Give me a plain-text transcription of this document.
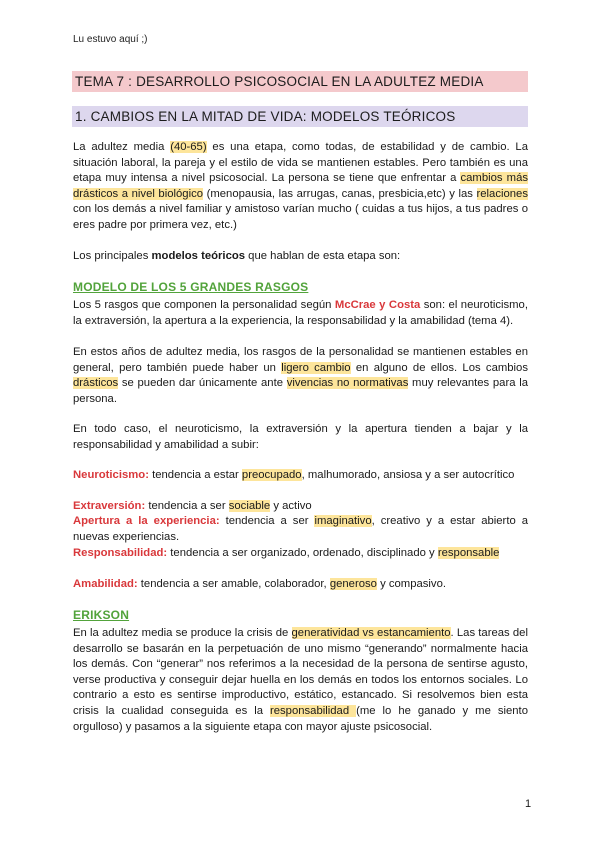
Lu estuvo aquí ;)
TEMA 7 : DESARROLLO PSICOSOCIAL EN LA ADULTEZ MEDIA
1. CAMBIOS EN LA MITAD DE VIDA: MODELOS TEÓRICOS

La adultez media (40-65) es una etapa, como todas, de estabilidad y de cambio. La situación laboral, la pareja y el estilo de vida se mantienen estables. Pero también es una etapa muy intensa a nivel psicosocial. La persona se tiene que enfrentar a cambios más drásticos a nivel biológico (menopausia, las arrugas, canas, presbicia,etc) y las relaciones con los demás a nivel familiar y amistoso varían mucho ( cuidas a tus hijos, a tus padres o eres padre por primera vez, etc.)

Los principales modelos teóricos que hablan de esta etapa son:

MODELO DE LOS 5 GRANDES RASGOS

Los 5 rasgos que componen la personalidad según McCrae y Costa son: el neuroticismo, la extraversión, la apertura a la experiencia, la responsabilidad y la amabilidad (tema 4).

En estos años de adultez media, los rasgos de la personalidad se mantienen estables en general, pero también puede haber un ligero cambio en alguno de ellos. Los cambios drásticos se pueden dar únicamente ante vivencias no normativas muy relevantes para la persona.

En todo caso, el neuroticismo, la extraversión y la apertura tienden a bajar y la responsabilidad y amabilidad a subir:

Neuroticismo: tendencia a estar preocupado, malhumorado, ansiosa y a ser autocrítico

Extraversión: tendencia a ser sociable y activo

Apertura a la experiencia: tendencia a ser imaginativo, creativo y a estar abierto a nuevas experiencias.

Responsabilidad: tendencia a ser organizado, ordenado, disciplinado y responsable

Amabilidad: tendencia a ser amable, colaborador, generoso y compasivo.

ERIKSON

En la adultez media se produce la crisis de generatividad vs estancamiento. Las tareas del desarrollo se basarán en la perpetuación de uno mismo “generando” normalmente hacia los demás. Con “generar” nos referimos a la necesidad de la persona de sentirse agusto, verse productiva y conseguir dejar huella en los demás en todos los entornos sociales. Lo contrario a esto es sentirse improductivo, estático, estancado. Si resolvemos bien esta crisis la cualidad conseguida es la responsabilidad (me lo he ganado y me siento orgulloso) y pasamos a la siguiente etapa con mayor ajuste psicosocial.

1
